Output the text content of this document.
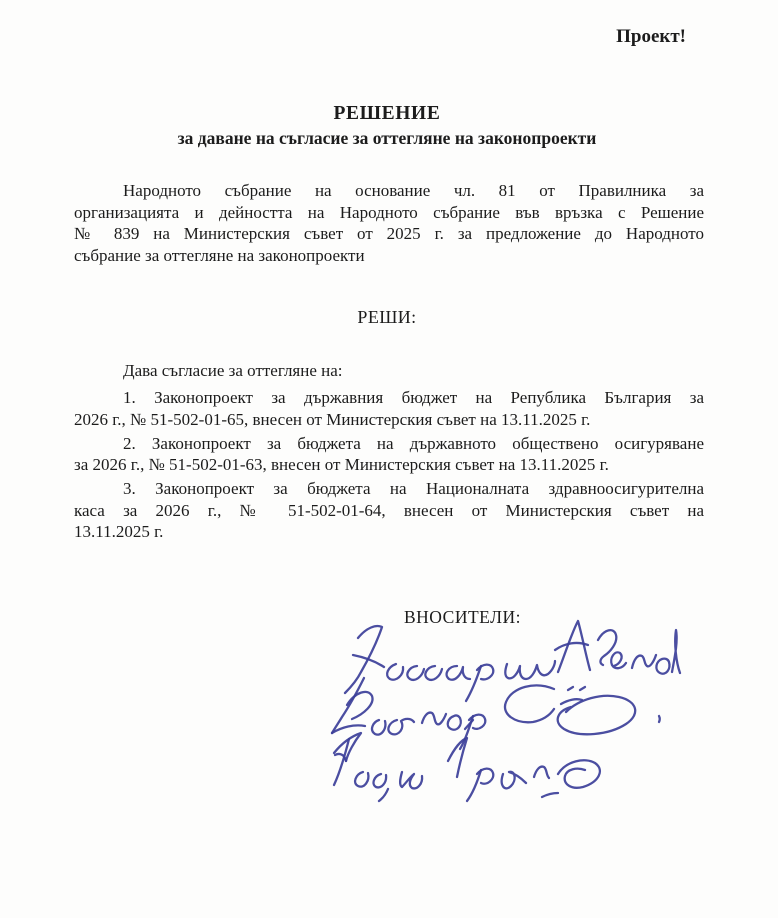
Проект!
РЕШЕНИЕ
за даване на съгласие за оттегляне на законопроекти
Народното събрание на основание чл. 81 от Правилника за
организацията и дейността на Народното събрание във връзка с Решение
№ 839 на Министерския съвет от 2025 г. за предложение до Народното
събрание за оттегляне на законопроекти
РЕШИ:
Дава съгласие за оттегляне на:
1. Законопроект за държавния бюджет на Република България за
2026 г., № 51-502-01-65, внесен от Министерския съвет на 13.11.2025 г.
2. Законопроект за бюджета на държавното обществено осигуряване
за 2026 г., № 51-502-01-63, внесен от Министерския съвет на 13.11.2025 г.
3. Законопроект за бюджета на Националната здравноосигурителна
каса за 2026 г., № 51-502-01-64, внесен от Министерския съвет на
13.11.2025 г.
ВНОСИТЕЛИ:
